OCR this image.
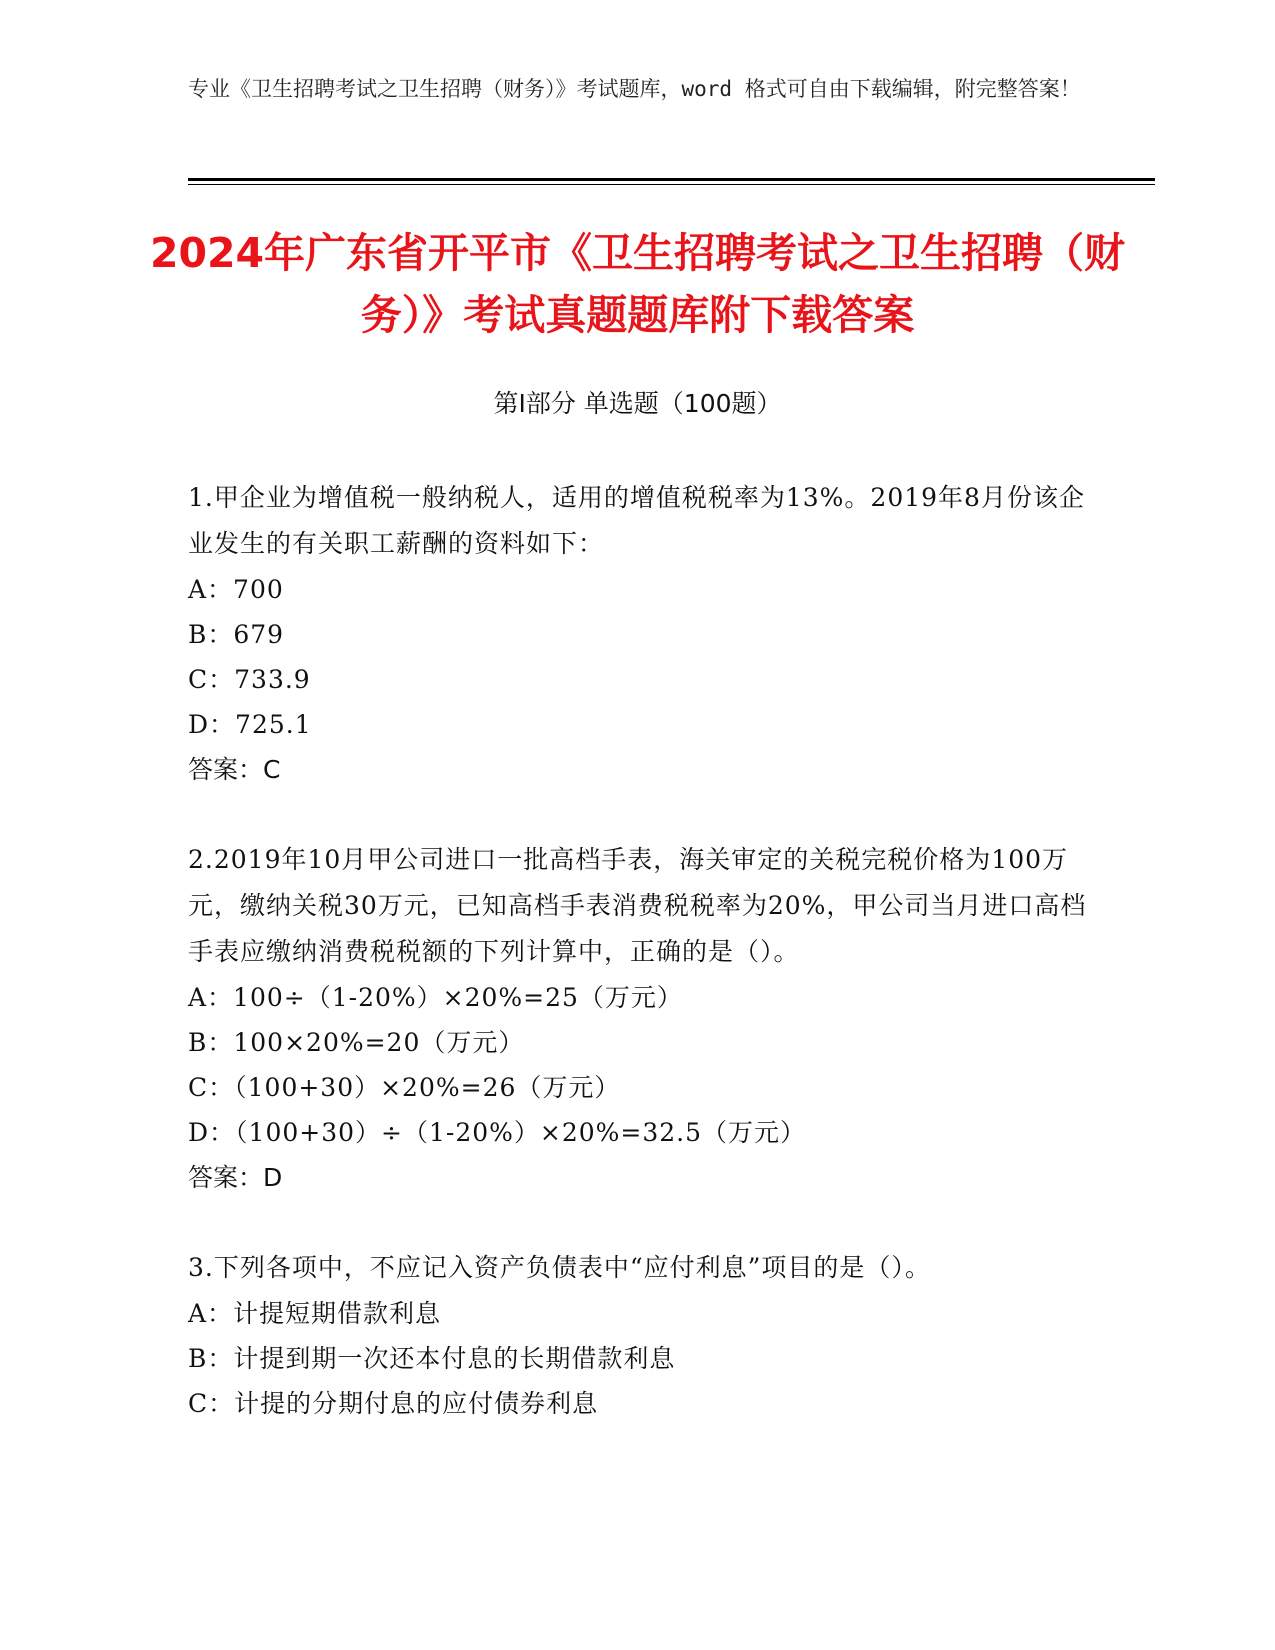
专业《卫生招聘考试之卫生招聘（财务）》考试题库，word 格式可自由下载编辑，附完整答案！
2024年广东省开平市《卫生招聘考试之卫生招聘（财务）》考试真题题库附下载答案
第I部分 单选题（100题）
1.甲企业为增值税一般纳税人，适用的增值税税率为13%。2019年8月份该企业发生的有关职工薪酬的资料如下：
A：700
B：679
C：733.9
D：725.1
答案：C
2.2019年10月甲公司进口一批高档手表，海关审定的关税完税价格为100万元，缴纳关税30万元，已知高档手表消费税税率为20%，甲公司当月进口高档手表应缴纳消费税税额的下列计算中，正确的是（）。
A：100÷（1-20%）×20%=25（万元）
B：100×20%=20（万元）
C：（100+30）×20%=26（万元）
D：（100+30）÷（1-20%）×20%=32.5（万元）
答案：D
3.下列各项中，不应记入资产负债表中“应付利息”项目的是（）。
A：计提短期借款利息
B：计提到期一次还本付息的长期借款利息
C：计提的分期付息的应付债券利息
